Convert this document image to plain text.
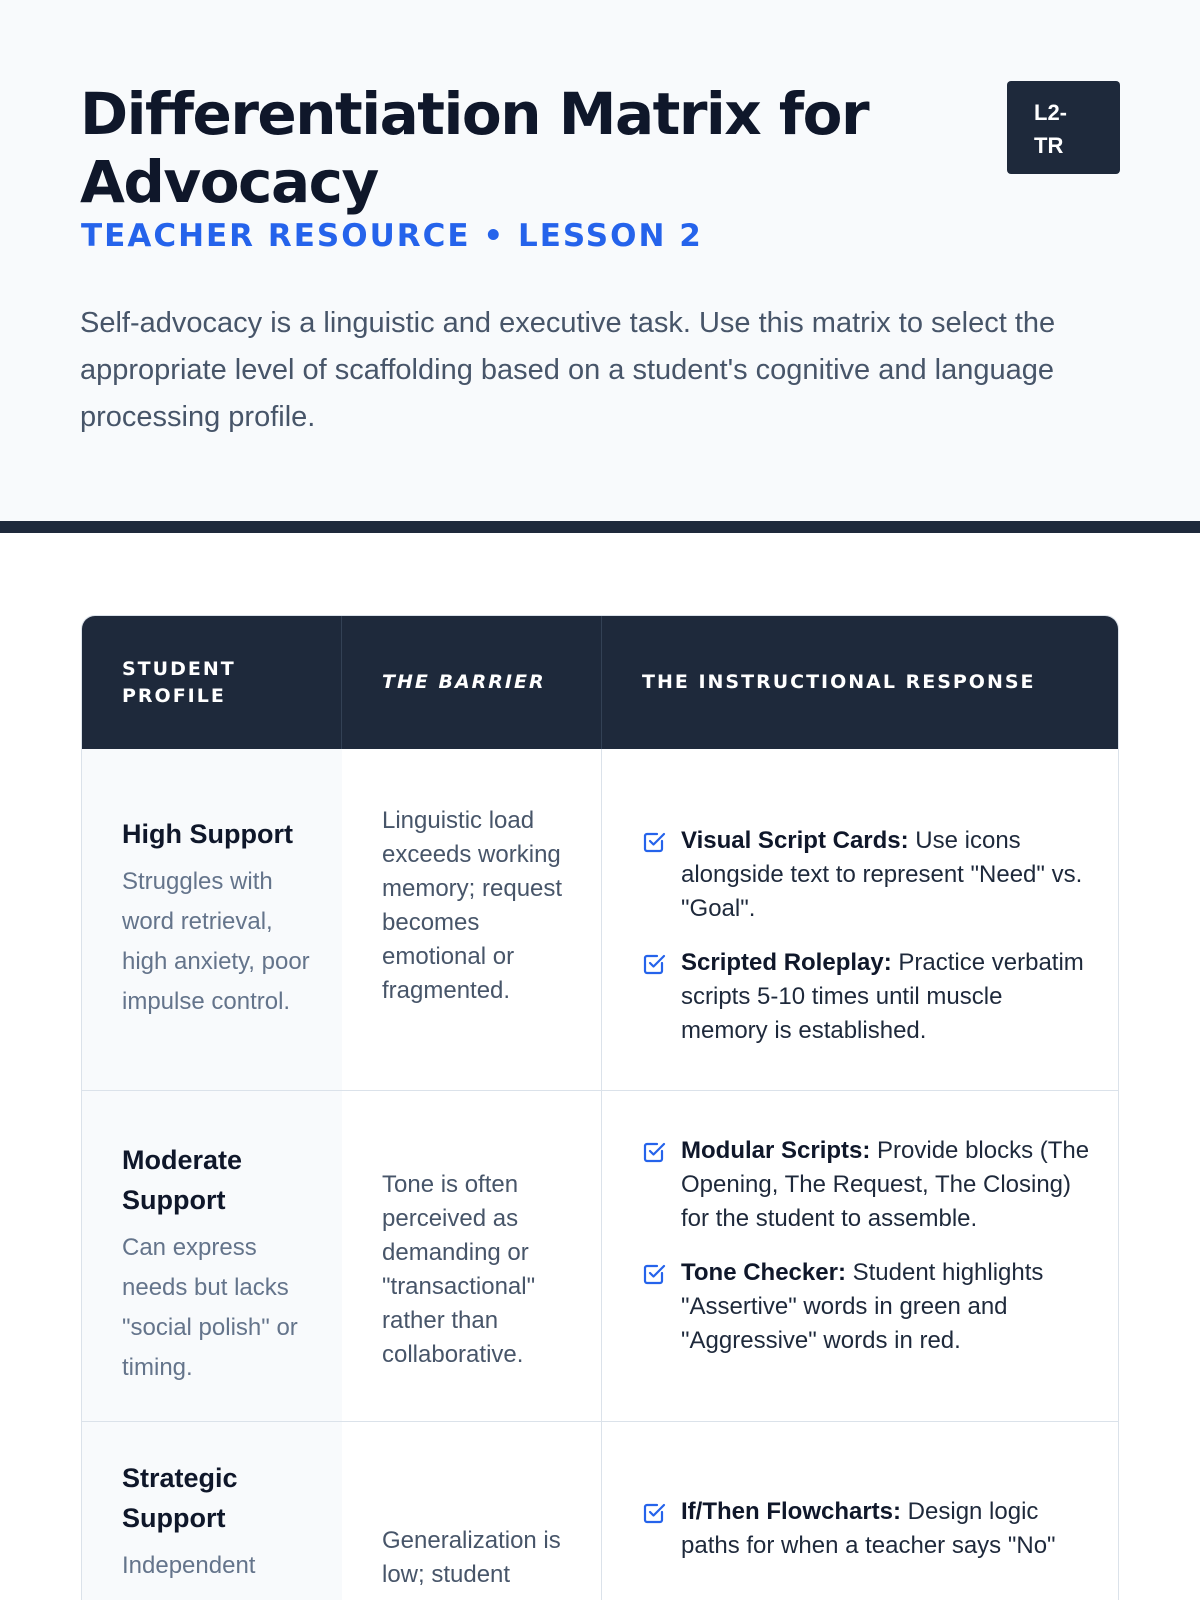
Differentiation Matrix for Advocacy
L2-
TR
TEACHER RESOURCE • LESSON 2

Self-advocacy is a linguistic and executive task. Use this matrix to select the appropriate level of scaffolding based on a student's cognitive and language processing profile.

STUDENT PROFILE
THE BARRIER	THE INSTRUCTIONAL RESPONSE

High Support

Struggles with word retrieval, high anxiety, poor impulse control.

Linguistic load exceeds working memory; request becomes emotional or fragmented.

Visual Script Cards: Use icons alongside text to represent "Need" vs. "Goal".
Scripted Roleplay: Practice verbatim scripts 5-10 times until muscle memory is established.

Moderate Support

Can express needs but lacks "social polish" or timing.

Tone is often perceived as demanding or "transactional" rather than collaborative.

Modular Scripts: Provide blocks (The Opening, The Request, The Closing) for the student to assemble.
Tone Checker: Student highlights "Assertive" words in green and "Aggressive" words in red.

Strategic Support

Independent

Generalization is low; student

If/Then Flowcharts: Design logic paths for when a teacher says "No"
